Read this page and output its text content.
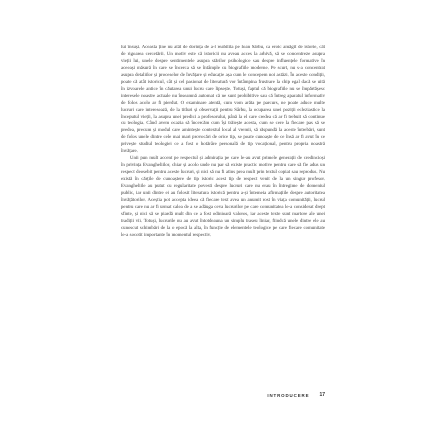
lui însuși. Aceasta ține nu atât de dorința de a-l reabilita pe Ioan Sârbu, ca eroic amăgit de istorie, cât de rigoarea cercetării. Un motiv este că istoricii nu aveau acces la arhivă, să se concentreze asupra vieții lui, unele despre sentimentele asupra stărilor psihologice sau despre influențele formative în aceeași măsură în care se încerca să se întâmple cu biografiile moderne. Pe scurt, nu s-a concentrat asupra detaliilor și proceselor de învățare și educație așa cum le concepem noi astăzi. În aceste condiții, poate că atât istoricul, cât și cel pasionat de literatură vor întâmpina frustrare la chip egal dacă se uită în izvoarele antice în căutarea unui lucru care lipsește. Totuși, faptul că biografiile nu se împărtășesc interesele noastre actuale nu înseamnă automat că ne sunt prohibitive sau că întreg aparatul informativ de folos acolo ar fi pierdut. O examinare atentă, cum vom arăta pe parcurs, ne poate aduce multe lucruri care interesează, de la titluri și observații pentru Sârbu, la ocuparea unei poziții ecleziastice la începutul vieții, la asupra unei predici a profesorului, până la el care credea că ar fi trebuit să continue cu teologia. Când avem ocazia să încercăm cum își trăiește acesta, cum se cere la fiecare pas să se predea, precum și modul care amintește contextul local al vremii, să răspundă la aceste întrebări, sunt de folos unele dintre cele mai mari provocări de orice tip, se poate cunoaște de ce însă ar fi avut în ce privește studiul teologiei ce a fost o hotărâre personală de tip vocațional, pentru propria noastră învățare.

Unii pun mult accent pe respectul și admirația pe care le-au avut primele generații de credincioși în privința Evangheliilor, chiar și acolo unde nu par să existe practic motive pentru care să fie adus un respect deosebit pentru aceste lucruri, și nici să nu fi atins prea mult prin textul copiat sau reprodus. Nu există în cărțile de cunoaștere de tip istoric acest tip de respect venit de la un singur profesor. Evangheliile au putut cu regularitate povesti despre lucruri care nu erau în întregime de domeniul public, iar unii dintre ei au folosit literatura istorică pentru a-și întemeia afirmațiile despre autoritatea învățătorilor. Aceștia pot accepta ideea că fiecare text avea un anumit rost în viața comunității, lucrul pentru care nu ar fi urmat calea de a se adăuga ceva lucrurilor pe care comunitatea le-a considerat drept sfinte, și nici să se piardă mult din ce a fost odinioară valoros, iar aceste texte sunt martore ale unei tradiții vii. Totuși, lucrurile nu au avut întotdeauna un simplu traseu liniar, fiindcă unele dintre ele au cunoscut schimbări de la o epocă la alta, în funcție de elementele teologice pe care fiecare comunitate le-a socotit importante în momentul respectiv.

INTRODUCERE 17
